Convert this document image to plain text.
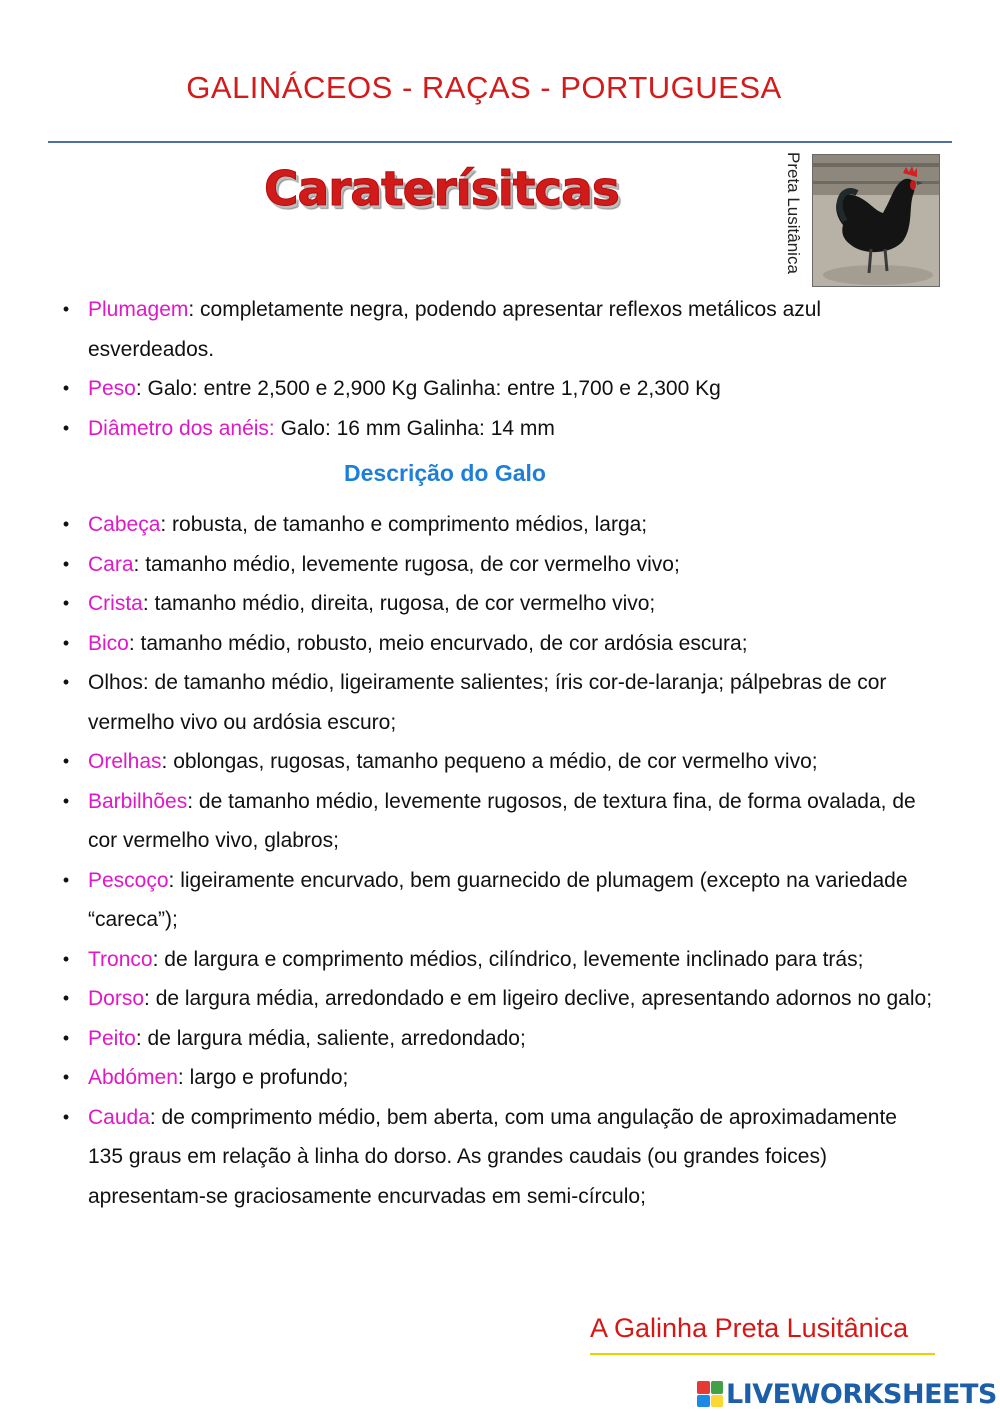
GALINÁCEOS - RAÇAS - PORTUGUESA
Caraterísitcas	Preta Lusitânica
• Plumagem: completamente negra, podendo apresentar reflexos metálicos azul esverdeados.
• Peso: Galo: entre 2,500 e 2,900 Kg Galinha: entre 1,700 e 2,300 Kg
• Diâmetro dos anéis: Galo: 16 mm Galinha: 14 mm
Descrição do Galo
• Cabeça: robusta, de tamanho e comprimento médios, larga;
• Cara: tamanho médio, levemente rugosa, de cor vermelho vivo;
• Crista: tamanho médio, direita, rugosa, de cor vermelho vivo;
• Bico: tamanho médio, robusto, meio encurvado, de cor ardósia escura;
• Olhos: de tamanho médio, ligeiramente salientes; íris cor-de-laranja; pálpebras de cor vermelho vivo ou ardósia escuro;
• Orelhas: oblongas, rugosas, tamanho pequeno a médio, de cor vermelho vivo;
• Barbilhões: de tamanho médio, levemente rugosos, de textura fina, de forma ovalada, de cor vermelho vivo, glabros;
• Pescoço: ligeiramente encurvado, bem guarnecido de plumagem (excepto na variedade “careca”);
• Tronco: de largura e comprimento médios, cilíndrico, levemente inclinado para trás;
• Dorso: de largura média, arredondado e em ligeiro declive, apresentando adornos no galo;
• Peito: de largura média, saliente, arredondado;
• Abdómen: largo e profundo;
• Cauda: de comprimento médio, bem aberta, com uma angulação de aproximadamente 135 graus em relação à linha do dorso. As grandes caudais (ou grandes foices) apresentam-se graciosamente encurvadas em semi-círculo;
A Galinha Preta Lusitânica
LIVEWORKSHEETS
